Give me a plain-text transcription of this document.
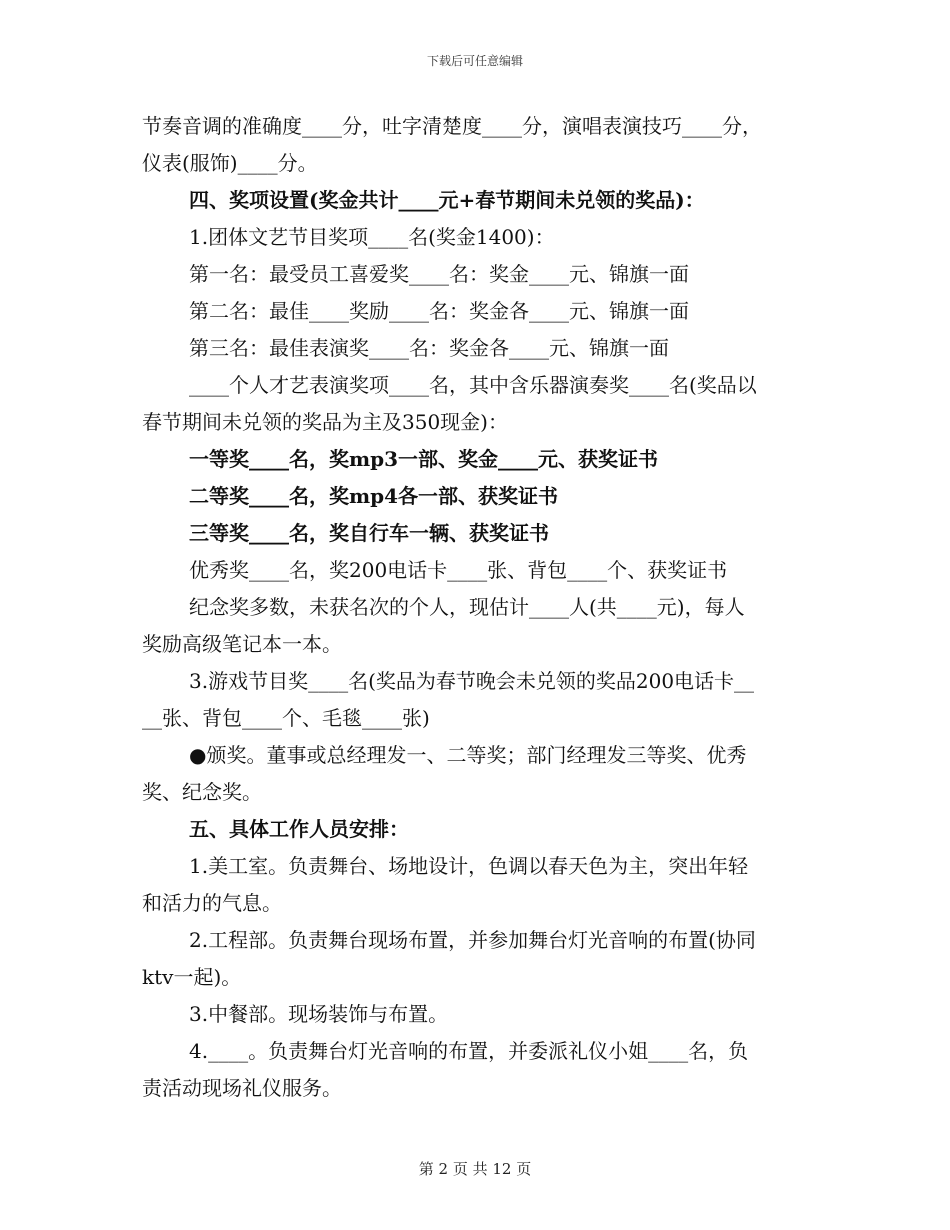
下载后可任意编辑
节奏音调的准确度____分，吐字清楚度____分，演唱表演技巧____分，
仪表(服饰)____分。
四、奖项设置(奖金共计____元+春节期间未兑领的奖品)：
1.团体文艺节目奖项____名(奖金1400)：
第一名：最受员工喜爱奖____名：奖金____元、锦旗一面
第二名：最佳____奖励____名：奖金各____元、锦旗一面
第三名：最佳表演奖____名：奖金各____元、锦旗一面
____个人才艺表演奖项____名，其中含乐器演奏奖____名(奖品以
春节期间未兑领的奖品为主及350现金)：
一等奖____名，奖mp3一部、奖金____元、获奖证书
二等奖____名，奖mp4各一部、获奖证书
三等奖____名，奖自行车一辆、获奖证书
优秀奖____名，奖200电话卡____张、背包____个、获奖证书
纪念奖多数，未获名次的个人，现估计____人(共____元)，每人
奖励高级笔记本一本。
3.游戏节目奖____名(奖品为春节晚会未兑领的奖品200电话卡__
__张、背包____个、毛毯____张)
●颁奖。董事或总经理发一、二等奖；部门经理发三等奖、优秀
奖、纪念奖。
五、具体工作人员安排：
1.美工室。负责舞台、场地设计，色调以春天色为主，突出年轻
和活力的气息。
2.工程部。负责舞台现场布置，并参加舞台灯光音响的布置(协同
ktv一起)。
3.中餐部。现场装饰与布置。
4.____。负责舞台灯光音响的布置，并委派礼仪小姐____名，负
责活动现场礼仪服务。
第 2 页 共 12 页
